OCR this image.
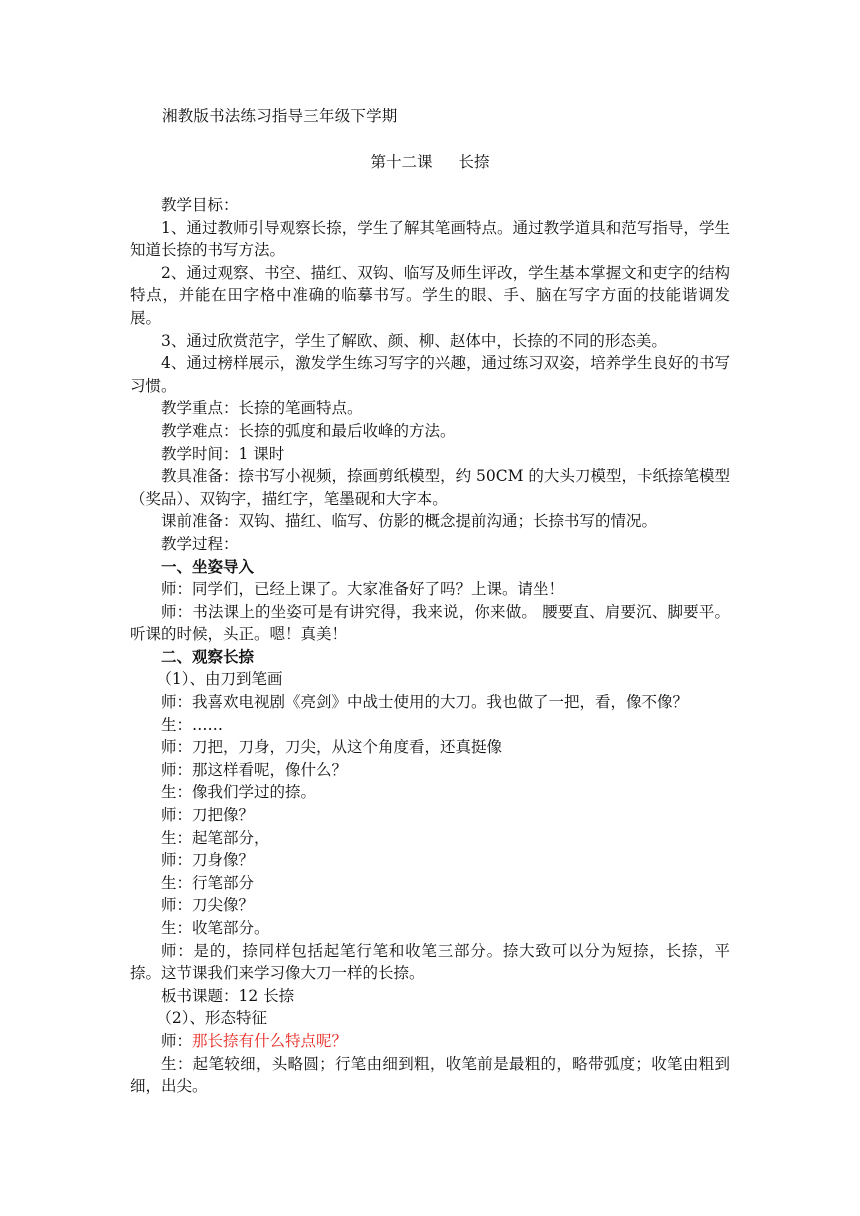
湘教版书法练习指导三年级下学期
第十二课 长捺

教学目标：

1、通过教师引导观察长捺，学生了解其笔画特点。通过教学道具和范写指导，学生知道长捺的书写方法。

2、通过观察、书空、描红、双钩、临写及师生评改，学生基本掌握文和吏字的结构特点，并能在田字格中准确的临摹书写。学生的眼、手、脑在写字方面的技能谐调发展。

3、通过欣赏范字，学生了解欧、颜、柳、赵体中，长捺的不同的形态美。

4、通过榜样展示，激发学生练习写字的兴趣，通过练习双姿，培养学生良好的书写习惯。

教学重点：长捺的笔画特点。

教学难点：长捺的弧度和最后收峰的方法。

教学时间：1 课时

教具准备：捺书写小视频，捺画剪纸模型，约 50CM 的大头刀模型，卡纸捺笔模型（奖品）、双钩字，描红字，笔墨砚和大字本。

课前准备：双钩、描红、临写、仿影的概念提前沟通；长捺书写的情况。

教学过程：

一、坐姿导入

师：同学们，已经上课了。大家准备好了吗？上课。请坐！

师：书法课上的坐姿可是有讲究得，我来说，你来做。 腰要直、肩要沉、脚要平。听课的时候，头正。嗯！真美！

二、观察长捺

（1）、由刀到笔画

师：我喜欢电视剧《亮剑》中战士使用的大刀。我也做了一把，看，像不像？

生：……

师：刀把，刀身，刀尖，从这个角度看，还真挺像

师：那这样看呢，像什么？

生：像我们学过的捺。

师：刀把像？

生：起笔部分，

师：刀身像？

生：行笔部分

师：刀尖像？

生：收笔部分。

师：是的，捺同样包括起笔行笔和收笔三部分。捺大致可以分为短捺，长捺，平捺。这节课我们来学习像大刀一样的长捺。

板书课题：12 长捺

（2）、形态特征

师：那长捺有什么特点呢？

生：起笔较细，头略圆；行笔由细到粗，收笔前是最粗的，略带弧度；收笔由粗到细，出尖。
